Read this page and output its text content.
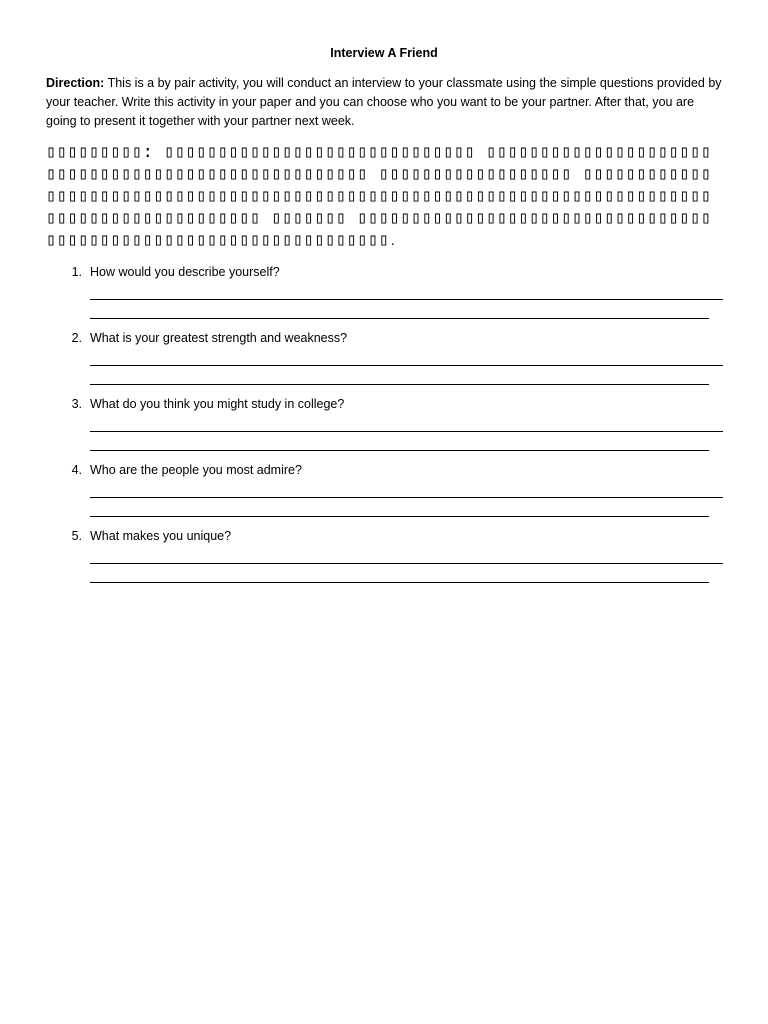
Interview A Friend

Direction: This is a by pair activity, you will conduct an interview to your classmate using the simple questions provided by your teacher. Write this activity in your paper and you can choose who you want to be your partner. After that, you are going to present it together with your partner next week.

▯▯▯▯▯▯▯▯▯: ▯▯▯▯▯▯▯▯▯▯▯▯▯▯▯▯▯▯▯▯▯▯▯▯▯▯▯▯▯ ▯▯▯▯▯▯▯▯▯▯▯▯▯▯▯▯▯▯▯▯▯▯▯▯▯▯▯▯▯▯▯▯▯▯▯▯▯▯▯▯▯▯▯▯▯▯▯▯▯▯▯ ▯▯▯▯▯▯▯▯▯▯▯▯▯▯▯▯▯▯ ▯▯▯▯▯▯▯▯▯▯▯▯▯▯▯▯▯▯▯▯▯▯▯▯▯▯▯▯▯▯▯▯▯▯▯▯▯▯▯▯▯▯▯▯▯▯▯▯▯▯▯▯▯▯▯▯▯▯▯▯▯▯▯▯▯▯▯▯▯▯▯▯▯▯▯▯▯▯▯▯▯▯▯▯▯▯▯▯▯▯▯▯▯▯ ▯▯▯▯▯▯▯ ▯▯▯▯▯▯▯▯▯▯▯▯▯▯▯▯▯▯▯▯▯▯▯▯▯▯▯▯▯▯▯▯▯▯▯▯▯▯▯▯▯▯▯▯▯▯▯▯▯▯▯▯▯▯▯▯▯▯▯▯▯▯▯▯▯.

1. How would you describe yourself?
2. What is your greatest strength and weakness?
3. What do you think you might study in college?
4. Who are the people you most admire?
5. What makes you unique?
